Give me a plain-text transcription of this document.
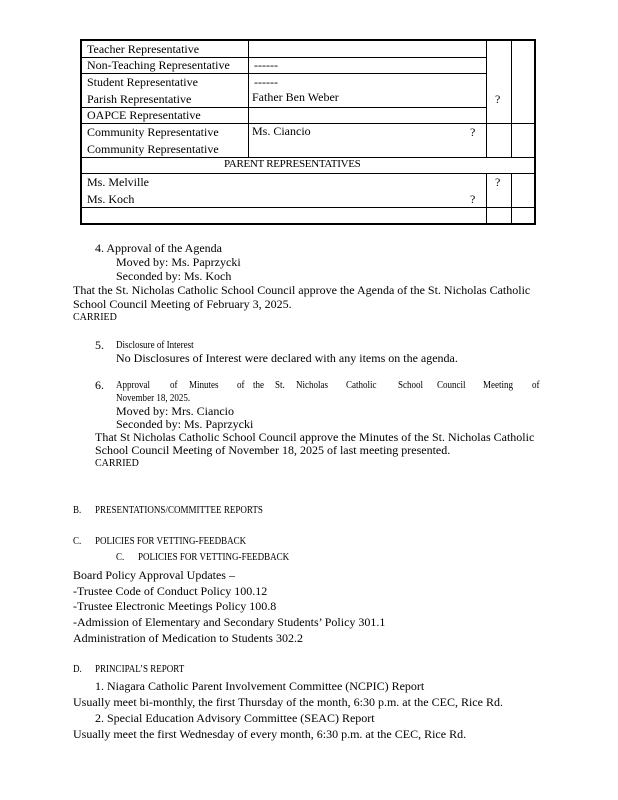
Teacher Representative
Non-Teaching Representative ------
Student Representative	------
Parish Representative	Father Ben Weber	?
OAPCE Representative
Community Representative	Ms. Ciancio	?
Community Representative
PARENT REPRESENTATIVES
Ms. Melville	?
Ms. Koch	?
4. Approval of the Agenda
Moved by: Ms. Paprzycki
Seconded by: Ms. Koch
That the St. Nicholas Catholic School Council approve the Agenda of the St. Nicholas Catholic
School Council Meeting of February 3, 2025.
CARRIED
5. Disclosure of Interest
No Disclosures of Interest were declared with any items on the agenda.
6. Approval of Minutes of the St. Nicholas Catholic School Council Meeting of
November 18, 2025.
Moved by: Mrs. Ciancio
Seconded by: Ms. Paprzycki
That St Nicholas Catholic School Council approve the Minutes of the St. Nicholas Catholic
School Council Meeting of November 18, 2025 of last meeting presented.
CARRIED
B. PRESENTATIONS/COMMITTEE REPORTS
C. POLICIES FOR VETTING-FEEDBACK
C. POLICIES FOR VETTING-FEEDBACK
Board Policy Approval Updates –
-Trustee Code of Conduct Policy 100.12
-Trustee Electronic Meetings Policy 100.8
-Admission of Elementary and Secondary Students’ Policy 301.1
Administration of Medication to Students 302.2
D. PRINCIPAL’S REPORT
1. Niagara Catholic Parent Involvement Committee (NCPIC) Report
Usually meet bi-monthly, the first Thursday of the month, 6:30 p.m. at the CEC, Rice Rd.
2. Special Education Advisory Committee (SEAC) Report
Usually meet the first Wednesday of every month, 6:30 p.m. at the CEC, Rice Rd.
